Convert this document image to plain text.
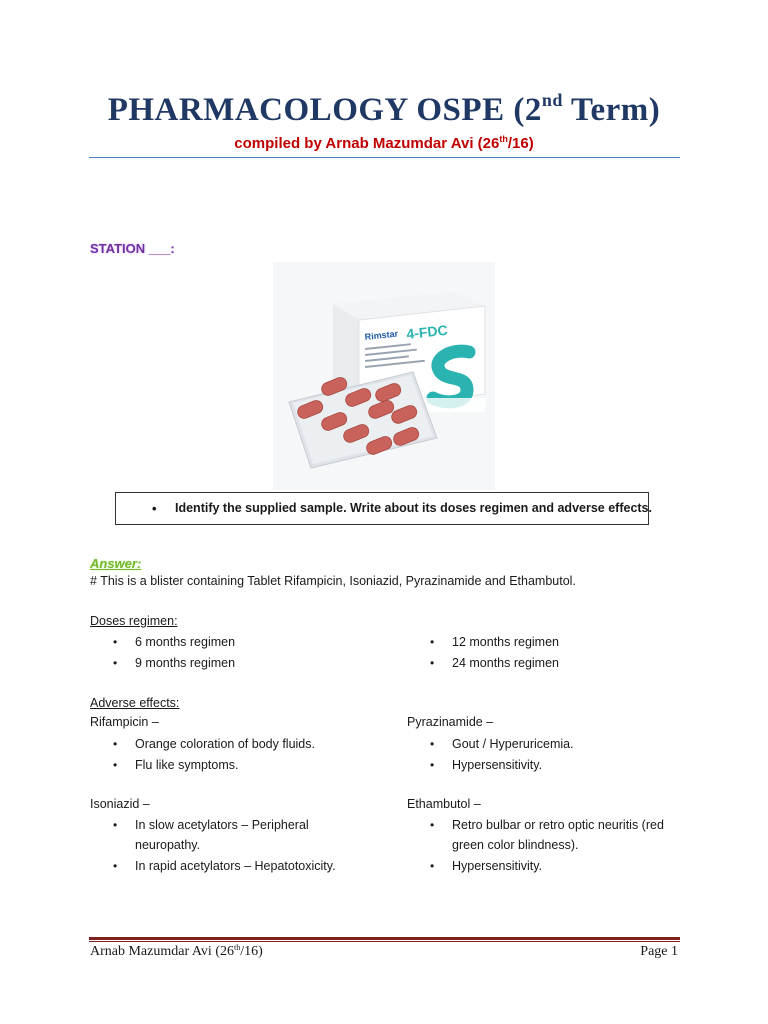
PHARMACOLOGY OSPE (2nd Term)
compiled by Arnab Mazumdar Avi (26th/16)
STATION ___:
Rimstar 4-FDC
• Identify the supplied sample. Write about its doses regimen and adverse effects.
Answer:
# This is a blister containing Tablet Rifampicin, Isoniazid, Pyrazinamide and Ethambutol.
Doses regimen:
• 6 months regimen
• 9 months regimen
• 12 months regimen
• 24 months regimen
Adverse effects:
Rifampicin –
• Orange coloration of body fluids.
• Flu like symptoms.
Pyrazinamide –
• Gout / Hyperuricemia.
• Hypersensitivity.
Isoniazid –
• In slow acetylators – Peripheral
neuropathy.
• In rapid acetylators – Hepatotoxicity.
Ethambutol –
• Retro bulbar or retro optic neuritis (red
green color blindness).
• Hypersensitivity.
Arnab Mazumdar Avi (26th/16)	Page 1
